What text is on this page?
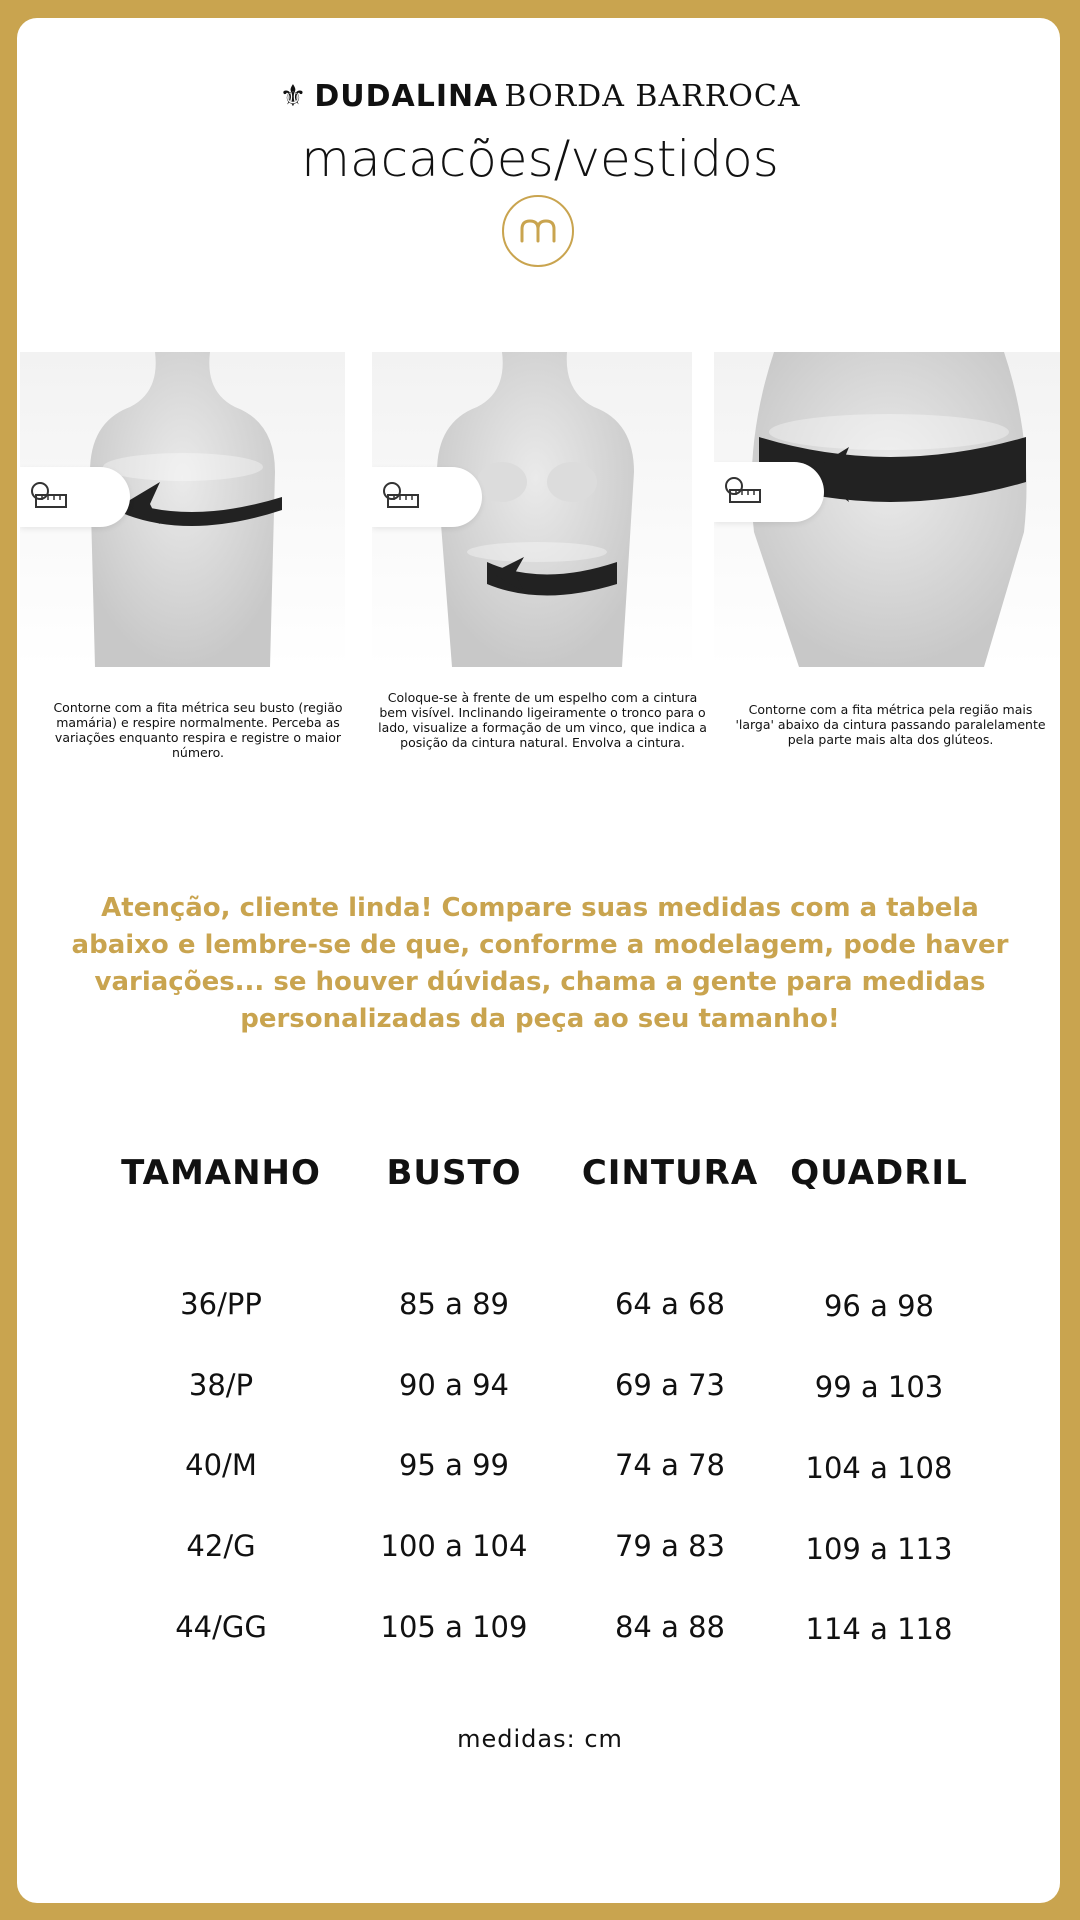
⚜ DUDALINA BORDA BARROCA
macacões/vestidos
Contorne com a fita métrica seu busto (região mamária) e respire normalmente. Perceba as variações enquanto respira e registre o maior número.
Coloque-se à frente de um espelho com a cintura bem visível. Inclinando ligeiramente o tronco para o lado, visualize a formação de um vinco, que indica a posição da cintura natural. Envolva a cintura.
Contorne com a fita métrica pela região mais 'larga' abaixo da cintura passando paralelamente pela parte mais alta dos glúteos.
Atenção, cliente linda! Compare suas medidas com a tabela abaixo e lembre-se de que, conforme a modelagem, pode haver variações... se houver dúvidas, chama a gente para medidas personalizadas da peça ao seu tamanho!
TAMANHO	BUSTO	CINTURA QUADRIL
36/PP	85 a 89	64 a 68	96 a 98
38/P	90 a 94	69 a 73	99 a 103
40/M	95 a 99	74 a 78	104 a 108
42/G	100 a 104	79 a 83	109 a 113
44/GG	105 a 109	84 a 88	114 a 118
medidas: cm
